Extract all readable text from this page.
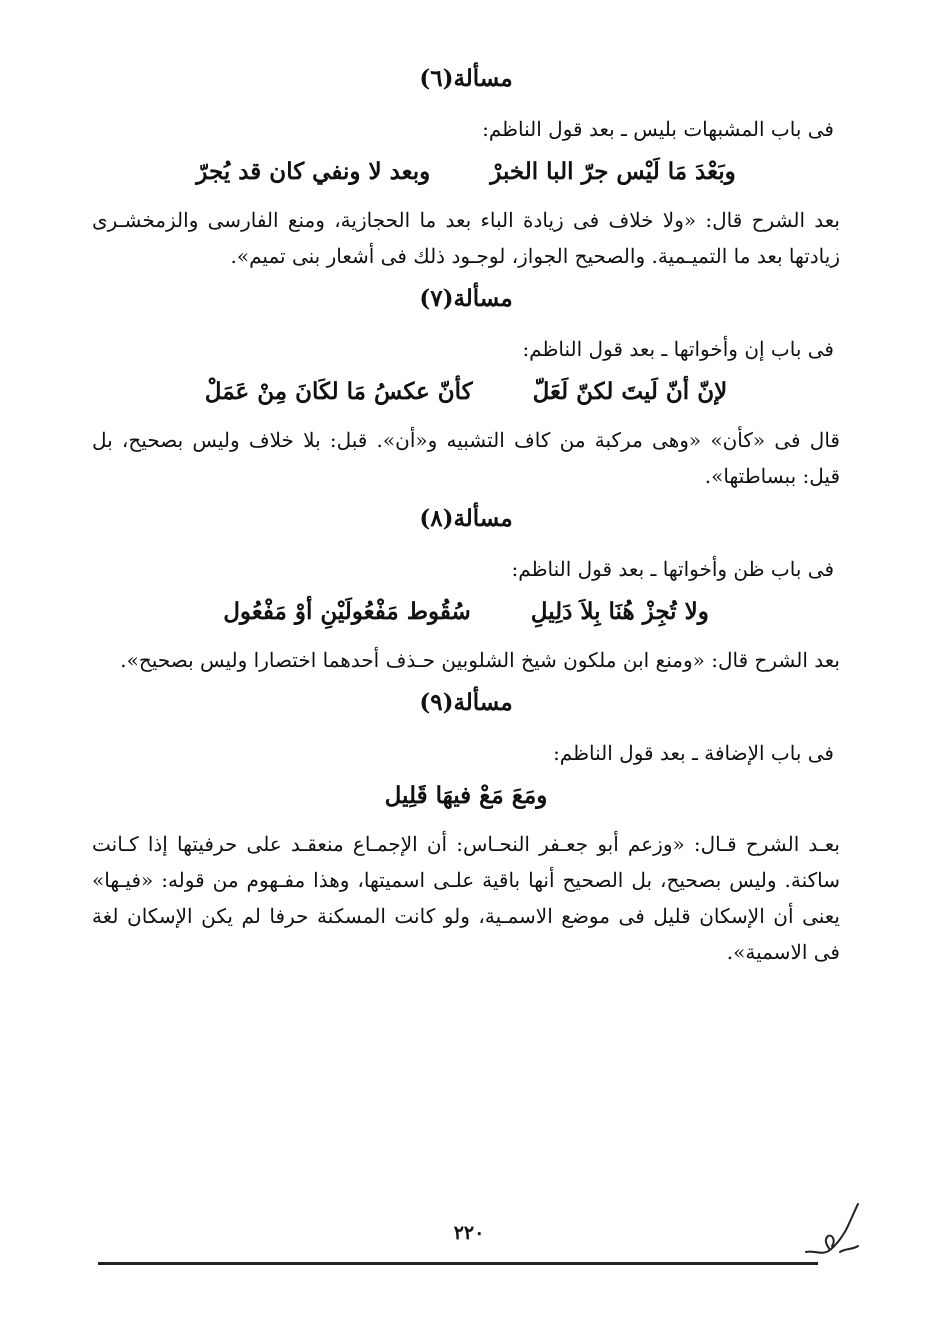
مسألة(٦)

فى باب المشبهات بليس ـ بعد قول الناظم:

وبَعْدَ مَا لَيْس جرّ البا الخبرْ
وبعد لا ونفي كان قد يُجرّ

بعد الشرح قال: «ولا خلاف فى زيادة الباء بعد ما الحجازية، ومنع الفارسى والزمخشـرى زيادتها بعد ما التميـمية. والصحيح الجواز، لوجـود ذلك فى أشعار بنى تميم».

مسألة(٧)

فى باب إن وأخواتها ـ بعد قول الناظم:

لإنّ أنّ لَيتَ لكنّ لَعَلّ
كأنّ عكسُ مَا لكَانَ مِنْ عَمَلْ

قال فى «كأن» «وهى مركبة من كاف التشبيه و«أن». قبل: بلا خلاف وليس بصحيح، بل قيل: ببساطتها».

مسألة(٨)

فى باب ظن وأخواتها ـ بعد قول الناظم:

ولا تُجِزْ هُنَا بِلاَ دَلِيلِ
سُقُوط مَفْعُولَيْنِ أوْ مَفْعُول

بعد الشرح قال: «ومنع ابن ملكون شيخ الشلوبين حـذف أحدهما اختصارا وليس بصحيح».

مسألة(٩)

فى باب الإضافة ـ بعد قول الناظم:

ومَعَ مَعْ فيهَا قَلِيل

بعـد الشرح قـال: «وزعم أبو جعـفر النحـاس: أن الإجمـاع منعقـد على حرفيتها إذا كـانت ساكنة. وليس بصحيح، بل الصحيح أنها باقية علـى اسميتها، وهذا مفـهوم من قوله: «فيـها» يعنى أن الإسكان قليل فى موضع الاسمـية، ولو كانت المسكنة حرفا لم يكن الإسكان لغة فى الاسمية».

٢٢٠
